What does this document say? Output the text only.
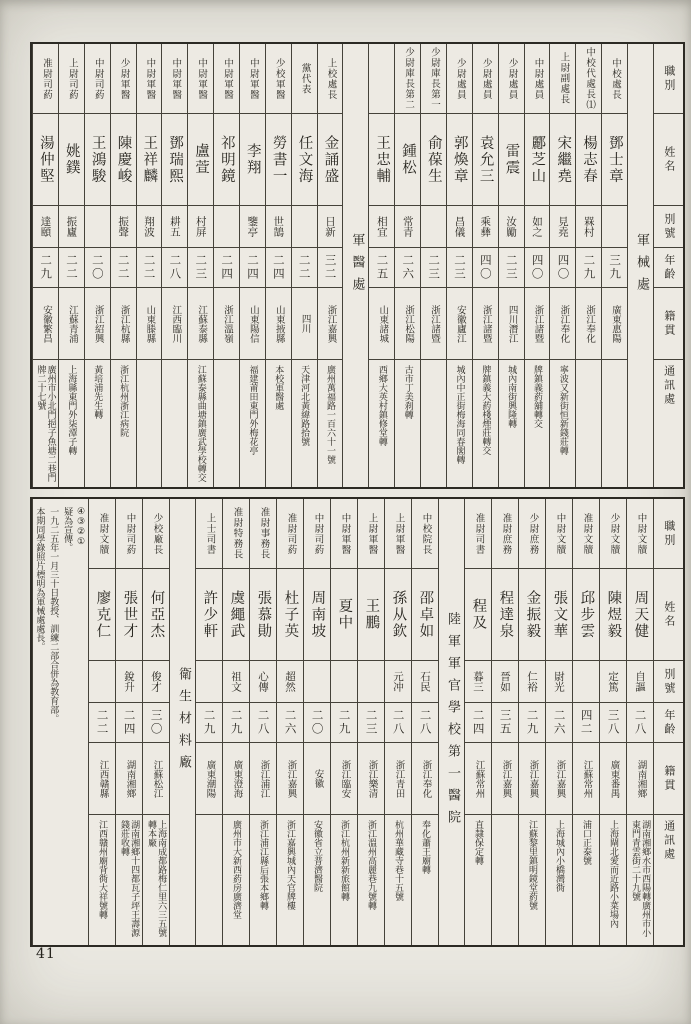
職別
姓名
別號
年齡
籍貫
通訊處
軍械處
中校處長
鄧士章
三九
廣東惠陽
中校代處長⑴
楊志春
槑村
二九
浙江奉化
上尉副處長
宋繼堯
見堯
四〇
浙江奉化
寧波又新街恒新錢莊轉
中尉處員
酈芝山
如之
四〇
浙江諸暨
牌鎮義葯舖轉交
少尉處員
雷震
汝勵
二三
四川潛江
城內南街興隆轉
少尉處員
袁允三
乘彝
四〇
浙江諸暨
牌鎮義大葯棧煙莊轉交
少尉處員
郭煥章
昌儀
二三
安徽廬江
城內中正街梅海同春閣轉
少尉庫長第一
俞葆生
二三
浙江諸暨
少尉庫長第二
鍾松
常青
二六
浙江松陽
古市丁美刹轉
王忠輔
相宜
二五
山東諸城
西鄉大英村鎮修堂轉
軍醫處
上校處長
金誦盛
日新
三二
浙江嘉興
廣州萬福路一百六十一號
黨代表
任文海
二二
四川
天津河北黃緯路拾號
少校軍醫
勞書一
世鵠
二四
山東掖縣
本校軍醫處
中尉軍醫
李翔
鑒亭
二四
山東陽信
福建莆田東門外梅花亭
中尉軍醫
祁明鏡
二四
浙江溫嶺
中尉軍醫
盧萱
村屏
二三
江蘇泰縣
江蘇泰縣曲塘鎮廣武學校轉交
中尉軍醫
鄧瑞熙
耕五
二八
江西臨川
中尉軍醫
王祥麟
翔波
二二
山東滕縣
少尉軍醫
陳慶峻
振聲
二二
浙江杭縣
浙江杭州浙江病院
中尉司葯
王鴻駿
二〇
浙江紹興
黃培浦先生轉
上尉司葯
姚鏷
振廬
二二
江蘇青浦
上海縣東門外柒潭子轉
准尉司葯
湯仲堅
達頤
二九
安徽繁昌
廣州市小北門挹子魚塘二巷門牌二十七號
職別
姓名
別號
年齡
籍貫
通訊處
中尉文牘
周天健
自謳
二八
湖南湘鄉
湖南湘鄉水市西陽轉廣州市小東門青雲街二十九號
少尉文牘
陳煜毅
定篤
三八
廣東番禺
上海閘北愛而近路小菜場內
准尉文牘
邱步雲
四二
江蘇常州
浦口正泰號
中尉文牘
張文華
尉光
二六
浙江嘉興
上海城內小橋灣衖
少尉庶務
金振毅
仁裕
二九
浙江嘉興
江蘇黎里鎮明鏡堂葯號
准尉庶務
程達泉
晉如
三五
浙江嘉興
准尉司書
程及
暮三
二四
江蘇常州
直隸保定轉
陸軍軍官學校第一醫院
中校院長
邵卓如
石民
二八
浙江奉化
奉化蕭王廟轉
上尉軍醫
孫从欽
元冲
二八
浙江青田
杭州華藏寺巷十五號
上尉軍醫
王鵬
二三
浙江樂清
浙江溫州高麗巷九號轉
中尉軍醫
夏中
二九
浙江臨安
浙江杭州新新旅館轉
中尉司葯
周南坡
二〇
安徽
安徽省立普濟醫院
准尉司葯
杜子英
超然
二六
浙江嘉興
浙江嘉興城內天官牌樓
准尉事務長
張慕勛
心傳
二八
浙江浦江
浙江浦江縣后張本鄉轉
准尉特務長
虞繩武
祖文
二九
廣東澄海
廣州市大新西葯房廣濟堂
上士司書
許少軒
二九
廣東潮陽
衛生材料廠
少校廠長
何亞杰
俊才
三〇
江蘇松江
上海南成都路梅仁里六三五號轉本廠
中尉司葯
張世才
銳升
二四
湖南湘鄉
湖南湘鄉十四都瓦子坪王壽源錢莊收轉
准尉文牘
廖克仁
二二
江西贛縣
江西贛州廟背衖大祥號轉
④③②①
疑為宣傳。
一九二五年一月三十日教授、訓練二部合併為教育部。
本期同學錄照片標明為軍械處處長。
41
